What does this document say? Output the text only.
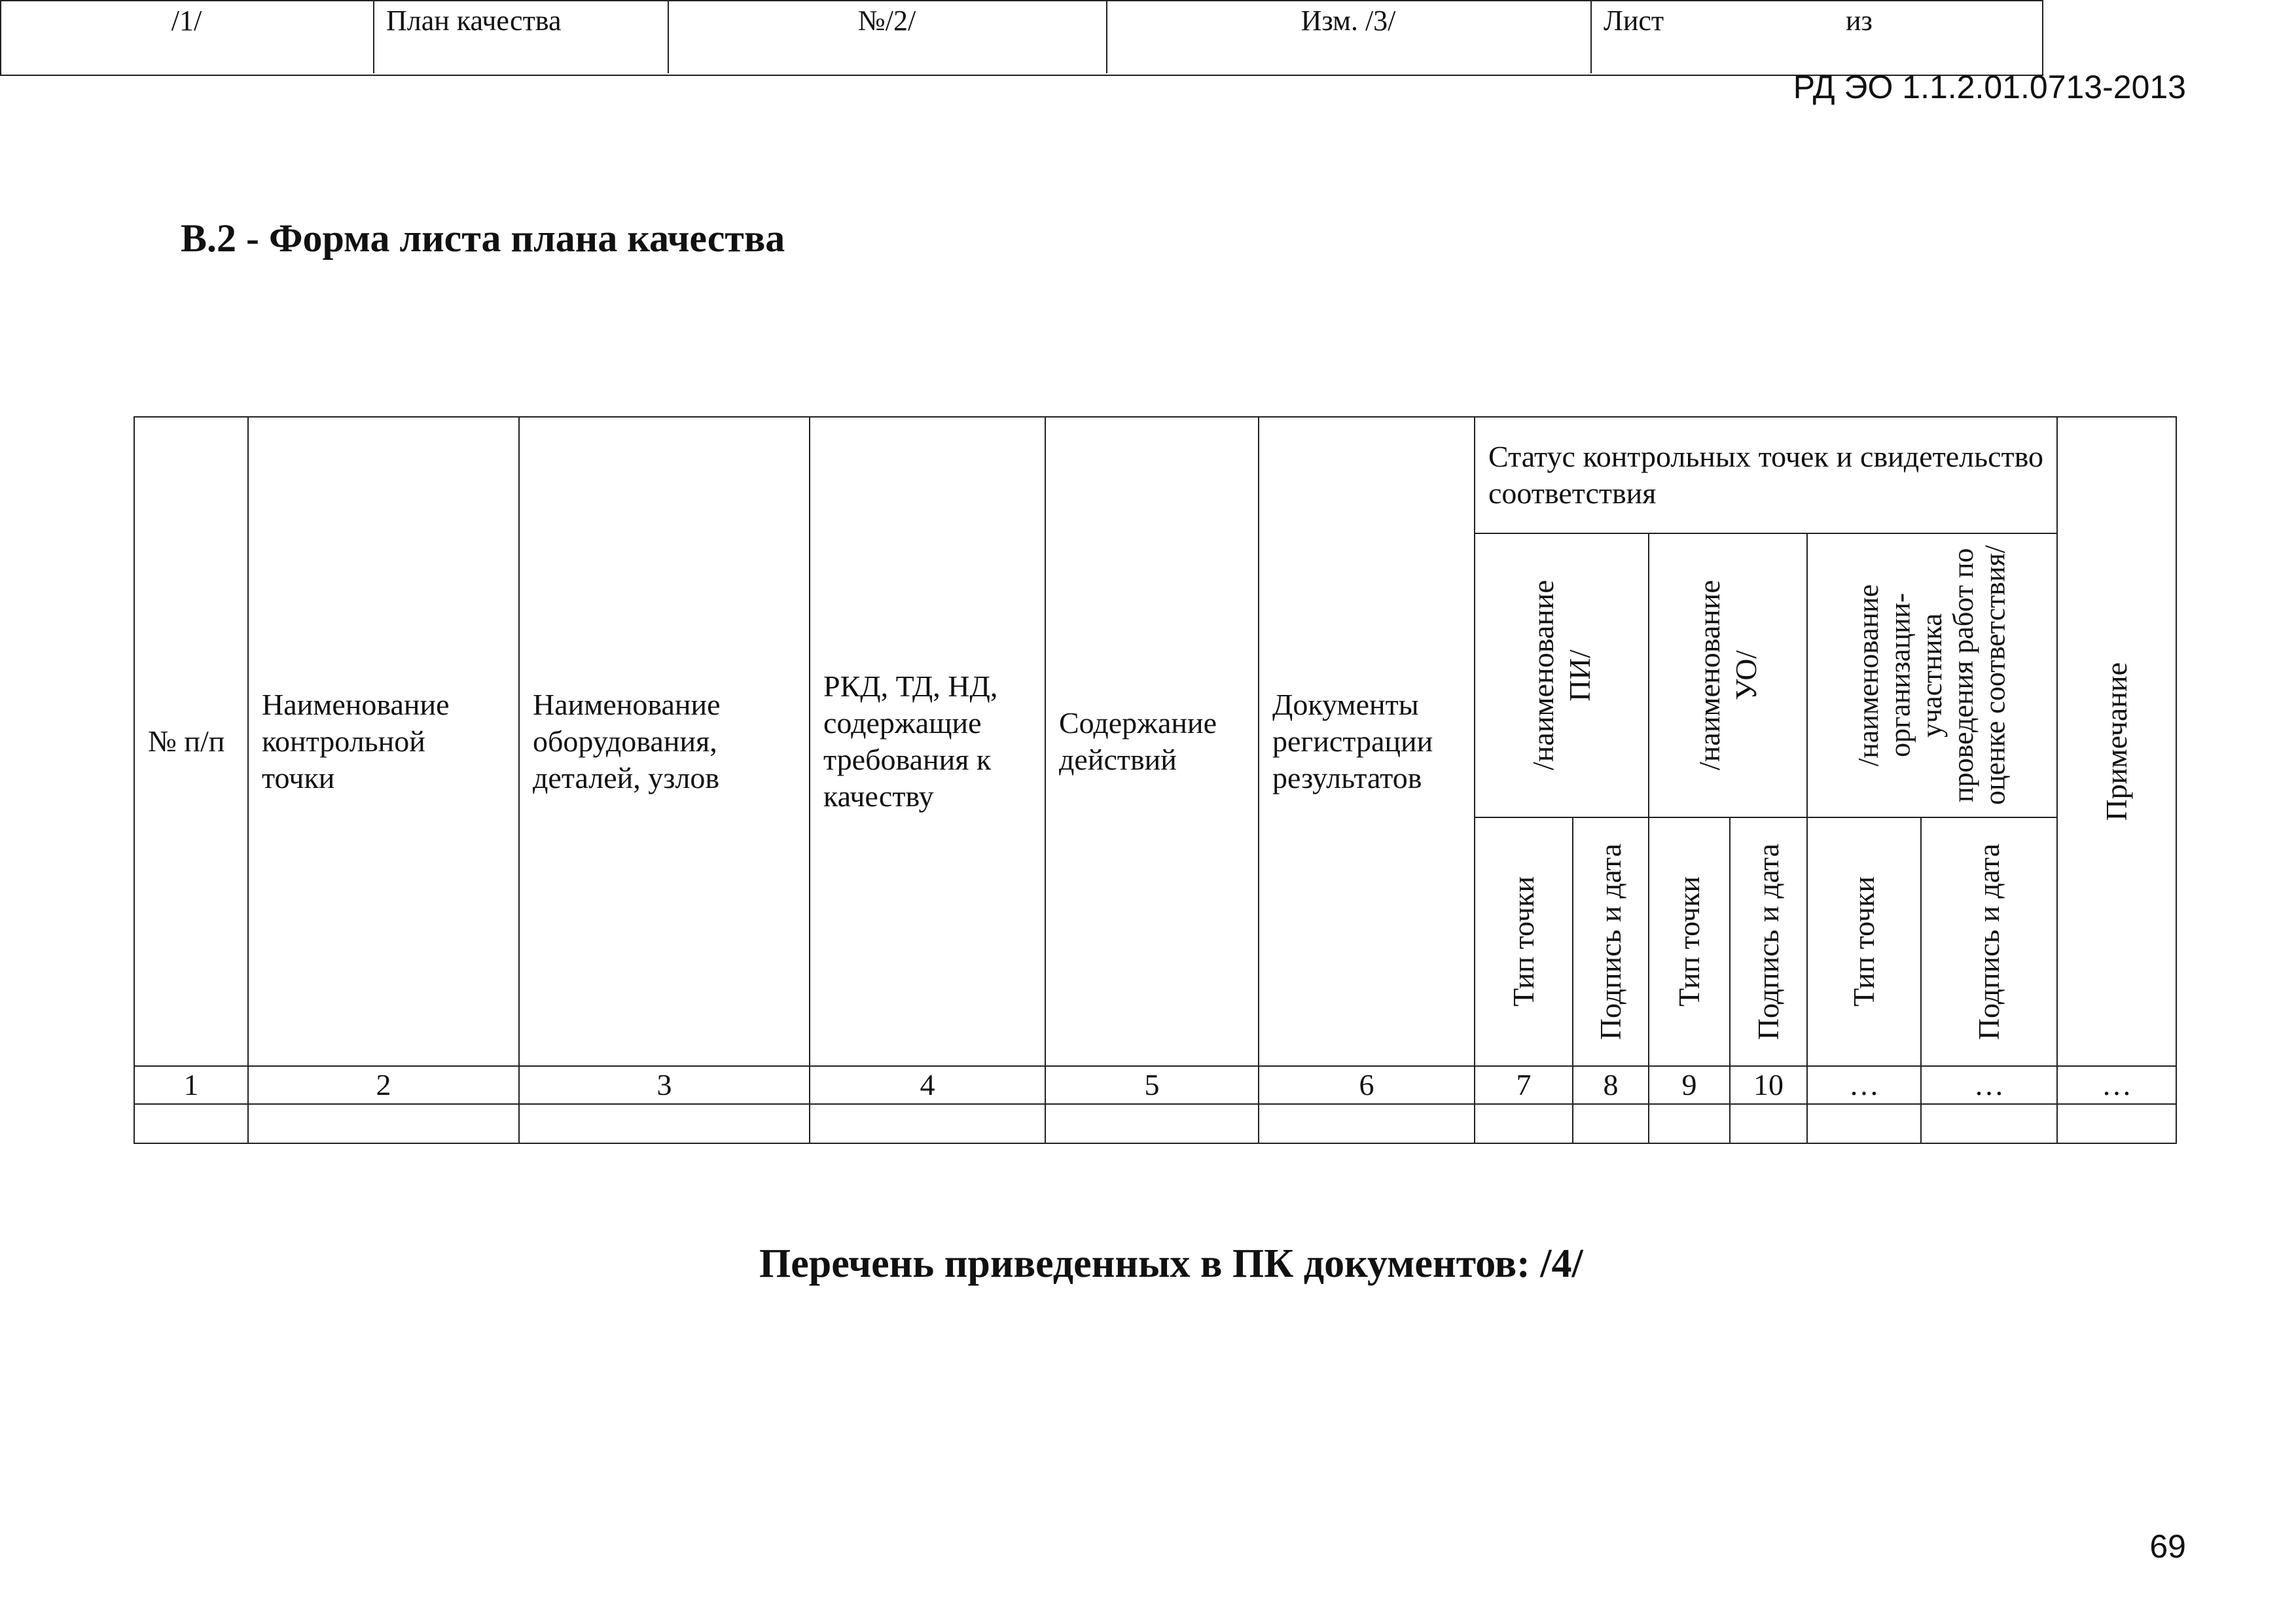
РД ЭО 1.1.2.01.0713-2013
В.2 - Форма листа плана качества
/1/	План качества	№/2/	Изм. /3/	Лист	из
№ п/п	Наименование контрольной точки	Наименование оборудования, деталей, узлов	РКД, ТД, НД, содержащие требования к качеству	Содержание действий	Документы регистрации результатов	Статус контрольных точек и свидетельство соответствия						Примечание

						/наименование ПИ/		/наименование УО/		/наименование организации-участника проведения работ по оценке соответствия/		

						Тип точки	Подпись и дата	Тип точки	Подпись и дата	Тип точки	Подпись и дата	

1	2	3	4	5	6	7	8	9	10	…	…	…

Перечень приведенных в ПК документов: /4/
69
